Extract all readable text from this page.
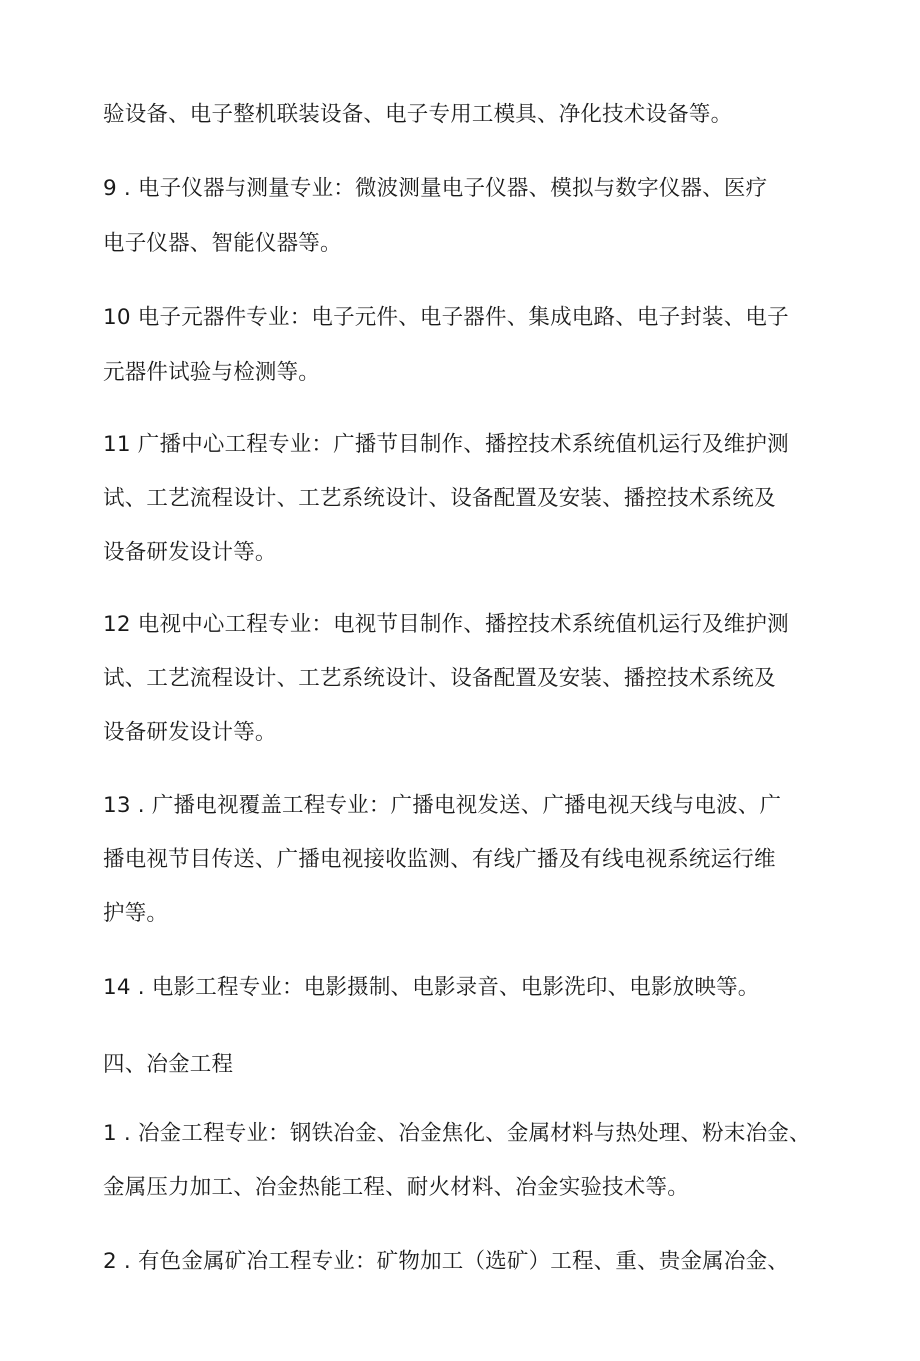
验设备、电子整机联装设备、电子专用工模具、净化技术设备等。
9 . 电子仪器与测量专业：微波测量电子仪器、模拟与数字仪器、医疗
电子仪器、智能仪器等。
10 电子元器件专业：电子元件、电子器件、集成电路、电子封装、电子
元器件试验与检测等。
11 广播中心工程专业：广播节目制作、播控技术系统值机运行及维护测
试、工艺流程设计、工艺系统设计、设备配置及安装、播控技术系统及
设备研发设计等。
12 电视中心工程专业：电视节目制作、播控技术系统值机运行及维护测
试、工艺流程设计、工艺系统设计、设备配置及安装、播控技术系统及
设备研发设计等。
13 . 广播电视覆盖工程专业：广播电视发送、广播电视天线与电波、广
播电视节目传送、广播电视接收监测、有线广播及有线电视系统运行维
护等。
14 . 电影工程专业：电影摄制、电影录音、电影洗印、电影放映等。
四、冶金工程
1 . 冶金工程专业：钢铁冶金、冶金焦化、金属材料与热处理、粉末冶金、
金属压力加工、冶金热能工程、耐火材料、冶金实验技术等。
2 . 有色金属矿冶工程专业：矿物加工（选矿）工程、重、贵金属冶金、
